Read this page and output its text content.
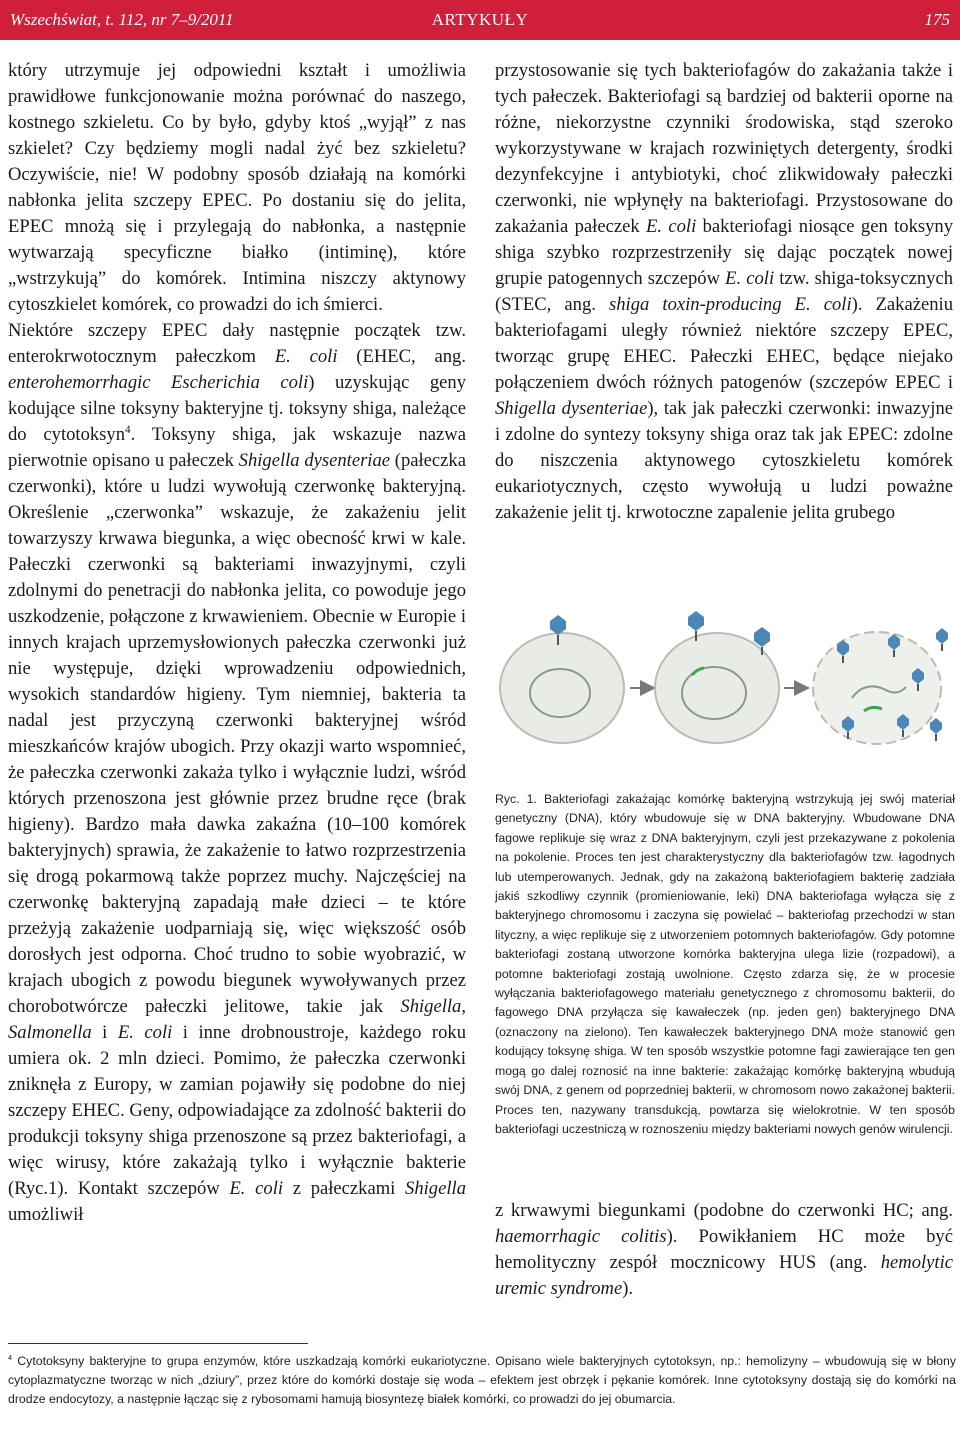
Wszechświat, t. 112, nr 7–9/2011	ARTYKUŁY	175

który utrzymuje jej odpowiedni kształt i umożliwia prawidłowe funkcjonowanie można porównać do naszego, kostnego szkieletu. Co by było, gdyby ktoś „wyjął” z nas szkielet? Czy będziemy mogli nadal żyć bez szkieletu? Oczywiście, nie! W podobny sposób działają na komórki nabłonka jelita szczepy EPEC. Po dostaniu się do jelita, EPEC mnożą się i przylegają do nabłonka, a następnie wytwarzają specyficzne białko (intiminę), które „wstrzykują” do komórek. Intimina niszczy aktynowy cytoszkielet komórek, co prowadzi do ich śmierci.

Niektóre szczepy EPEC dały następnie początek tzw. enterokrwotocznym pałeczkom E. coli (EHEC, ang. enterohemorrhagic Escherichia coli) uzyskując geny kodujące silne toksyny bakteryjne tj. toksyny shiga, należące do cytotoksyn$^4$. Toksyny shiga, jak wskazuje nazwa pierwotnie opisano u pałeczek Shigella dysenteriae (pałeczka czerwonki), które u ludzi wywołują czerwonkę bakteryjną. Określenie „czerwonka” wskazuje, że zakażeniu jelit towarzyszy krwawa biegunka, a więc obecność krwi w kale. Pałeczki czerwonki są bakteriami inwazyjnymi, czyli zdolnymi do penetracji do nabłonka jelita, co powoduje jego uszkodzenie, połączone z krwawieniem. Obecnie w Europie i innych krajach uprzemysłowionych pałeczka czerwonki już nie występuje, dzięki wprowadzeniu odpowiednich, wysokich standardów higieny. Tym niemniej, bakteria ta nadal jest przyczyną czerwonki bakteryjnej wśród mieszkańców krajów ubogich. Przy okazji warto wspomnieć, że pałeczka czerwonki zakaża tylko i wyłącznie ludzi, wśród których przenoszona jest głównie przez brudne ręce (brak higieny). Bardzo mała dawka zakaźna (10–100 komórek bakteryjnych) sprawia, że zakażenie to łatwo rozprzestrzenia się drogą pokarmową także poprzez muchy. Najczęściej na czerwonkę bakteryjną zapadają małe dzieci – te które przeżyją zakażenie uodparniają się, więc większość osób dorosłych jest odporna. Choć trudno to sobie wyobrazić, w krajach ubogich z powodu biegunek wywoływanych przez chorobotwórcze pałeczki jelitowe, takie jak Shigella, Salmonella i E. coli i inne drobnoustroje, każdego roku umiera ok. 2 mln dzieci. Pomimo, że pałeczka czerwonki zniknęła z Europy, w zamian pojawiły się podobne do niej szczepy EHEC. Geny, odpowiadające za zdolność bakterii do produkcji toksyny shiga przenoszone są przez bakteriofagi, a więc wirusy, które zakażają tylko i wyłącznie bakterie (Ryc.1). Kontakt szczepów E. coli z pałeczkami Shigella umożliwił

przystosowanie się tych bakteriofagów do zakażania także i tych pałeczek. Bakteriofagi są bardziej od bakterii oporne na różne, niekorzystne czynniki środowiska, stąd szeroko wykorzystywane w krajach rozwiniętych detergenty, środki dezynfekcyjne i antybiotyki, choć zlikwidowały pałeczki czerwonki, nie wpłynęły na bakteriofagi. Przystosowane do zakażania pałeczek E. coli bakteriofagi niosące gen toksyny shiga szybko rozprzestrzeniły się dając początek nowej grupie patogennych szczepów E. coli tzw. shiga-toksycznych (STEC, ang. shiga toxin-producing E. coli). Zakażeniu bakteriofagami uległy również niektóre szczepy EPEC, tworząc grupę EHEC. Pałeczki EHEC, będące niejako połączeniem dwóch różnych patogenów (szczepów EPEC i Shigella dysenteriae), tak jak pałeczki czerwonki: inwazyjne i zdolne do syntezy toksyny shiga oraz tak jak EPEC: zdolne do niszczenia aktynowego cytoszkieletu komórek eukariotycznych, często wywołują u ludzi poważne zakażenie jelit tj. krwotoczne zapalenie jelita grubego

Ryc. 1. Bakteriofagi zakażając komórkę bakteryjną wstrzykują jej swój materiał genetyczny (DNA), który wbudowuje się w DNA bakteryjny. Wbudowane DNA fagowe replikuje się wraz z DNA bakteryjnym, czyli jest przekazywane z pokolenia na pokolenie. Proces ten jest charakterystyczny dla bakteriofagów tzw. łagodnych lub utemperowanych. Jednak, gdy na zakażoną bakteriofagiem bakterię zadziała jakiś szkodliwy czynnik (promieniowanie, leki) DNA bakteriofaga wyłącza się z bakteryjnego chromosomu i zaczyna się powielać – bakteriofag przechodzi w stan lityczny, a więc replikuje się z utworzeniem potomnych bakteriofagów. Gdy potomne bakteriofagi zostaną utworzone komórka bakteryjna ulega lizie (rozpadowi), a potomne bakteriofagi zostają uwolnione. Często zdarza się, że w procesie wyłączania bakteriofagowego materiału genetycznego z chromosomu bakterii, do fagowego DNA przyłącza się kawałeczek (np. jeden gen) bakteryjnego DNA (oznaczony na zielono). Ten kawałeczek bakteryjnego DNA może stanowić gen kodujący toksynę shiga. W ten sposób wszystkie potomne fagi zawierające ten gen mogą go dalej roznosić na inne bakterie: zakażając komórkę bakteryjną wbudują swój DNA, z genem od poprzedniej bakterii, w chromosom nowo zakażonej bakterii. Proces ten, nazywany transdukcją, powtarza się wielokrotnie. W ten sposób bakteriofagi uczestniczą w roznoszeniu między bakteriami nowych genów wirulencji.

z krwawymi biegunkami (podobne do czerwonki HC; ang. haemorrhagic colitis). Powikłaniem HC może być hemolityczny zespół mocznicowy HUS (ang. hemolytic uremic syndrome).

$^4$ Cytotoksyny bakteryjne to grupa enzymów, które uszkadzają komórki eukariotyczne. Opisano wiele bakteryjnych cytotoksyn, np.: hemolizyny – wbudowują się w błony cytoplazmatyczne tworząc w nich „dziury”, przez które do komórki dostaje się woda – efektem jest obrzęk i pękanie komórek. Inne cytotoksyny dostają się do komórki na drodze endocytozy, a następnie łącząc się z rybosomami hamują biosyntezę białek komórki, co prowadzi do jej obumarcia.
